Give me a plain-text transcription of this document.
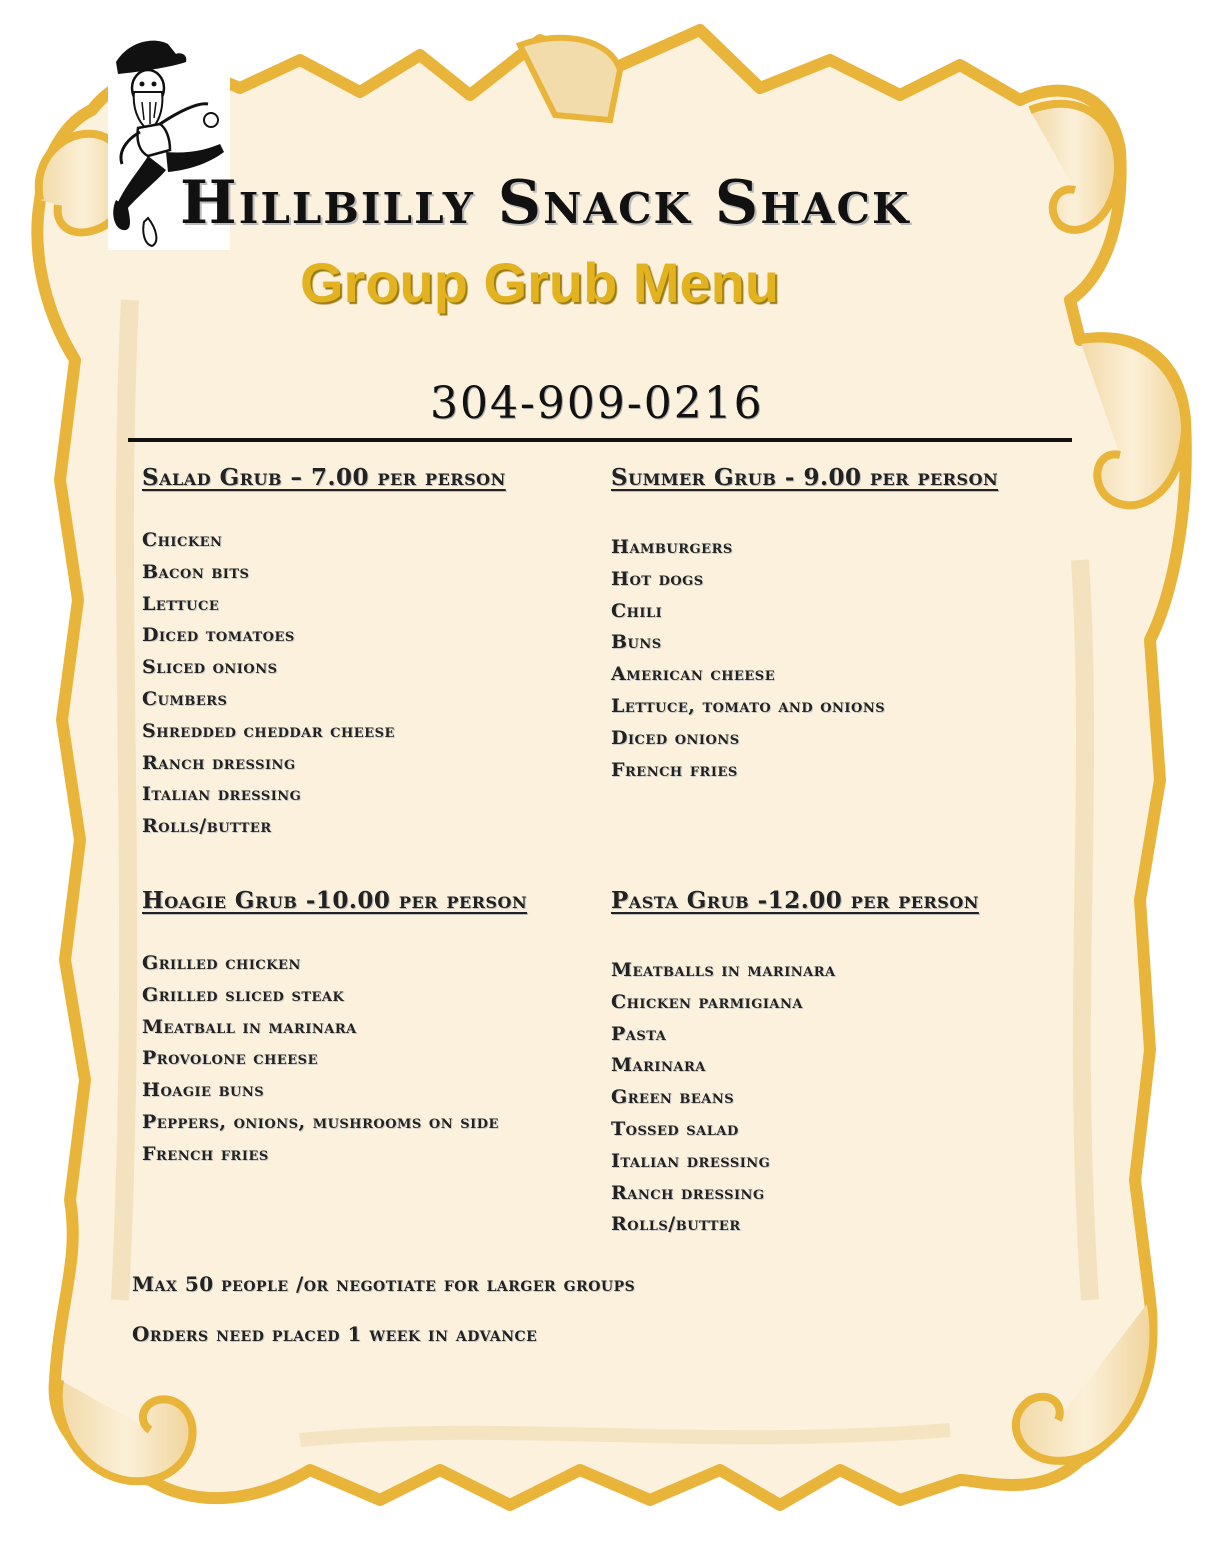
Hillbilly Snack Shack
Group Grub Menu
304-909-0216
Salad Grub – 7.00 per person
Chicken
Bacon bits
Lettuce
Diced tomatoes
Sliced onions
Cumbers
Shredded cheddar cheese
Ranch dressing
Italian dressing
Rolls/butter
Summer Grub - 9.00 per person
Hamburgers
Hot dogs
Chili
Buns
American cheese
Lettuce, tomato and onions
Diced onions
French fries
Hoagie Grub -10.00 per person
Grilled chicken
Grilled sliced steak
Meatball in marinara
Provolone cheese
Hoagie buns
Peppers, onions, mushrooms on side
French fries
Pasta Grub -12.00 per person
Meatballs in marinara
Chicken parmigiana
Pasta
Marinara
Green beans
Tossed salad
Italian dressing
Ranch dressing
Rolls/butter
Max 50 people /or negotiate for larger groups
Orders need placed 1 week in advance
